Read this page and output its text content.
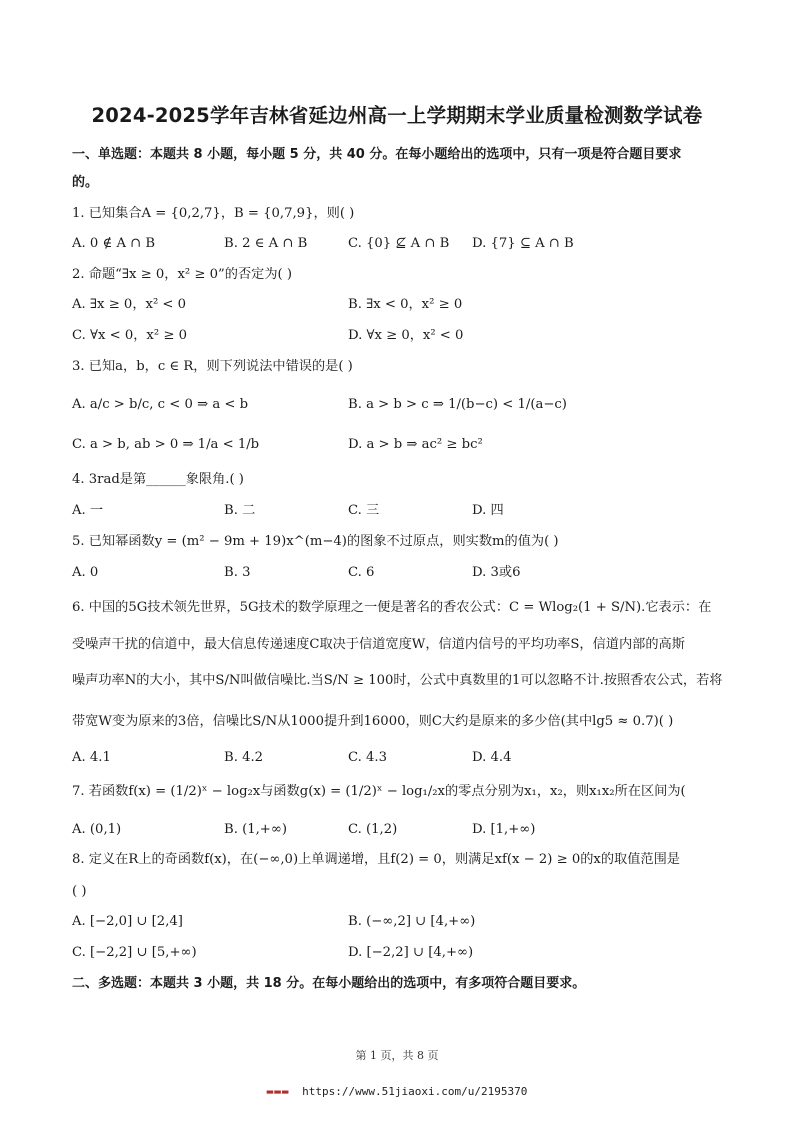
2024-2025学年吉林省延边州高一上学期期末学业质量检测数学试卷
一、单选题：本题共 8 小题，每小题 5 分，共 40 分。在每小题给出的选项中，只有一项是符合题目要求
的。
1. 已知集合A = {0,2,7}，B = {0,7,9}，则( )
A. 0 ∉ A ∩ B	B. 2 ∈ A ∩ B	C. {0} ⊈ A ∩ B D. {7} ⊆ A ∩ B
2. 命题“∃x ≥ 0，x² ≥ 0”的否定为( )
A. ∃x ≥ 0，x² < 0	B. ∃x < 0，x² ≥ 0
C. ∀x < 0，x² ≥ 0	D. ∀x ≥ 0，x² < 0
3. 已知a，b，c ∈ R，则下列说法中错误的是( )
A. a/c > b/c, c < 0 ⇒ a < b	B. a > b > c ⇒ 1/(b−c) < 1/(a−c)
C. a > b, ab > 0 ⇒ 1/a < 1/b	D. a > b ⇒ ac² ≥ bc²
4. 3rad是第______象限角.( )
A. 一	B. 二	C. 三	D. 四
5. 已知幂函数y = (m² − 9m + 19)x^(m−4)的图象不过原点，则实数m的值为( )
A. 0	B. 3	C. 6	D. 3或6
6. 中国的5G技术领先世界，5G技术的数学原理之一便是著名的香农公式：C = Wlog₂(1 + S/N).它表示：在
受噪声干扰的信道中，最大信息传递速度C取决于信道宽度W，信道内信号的平均功率S，信道内部的高斯
噪声功率N的大小，其中S/N叫做信噪比.当S/N ≥ 100时，公式中真数里的1可以忽略不计.按照香农公式，若将
带宽W变为原来的3倍，信噪比S/N从1000提升到16000，则C大约是原来的多少倍(其中lg5 ≈ 0.7)( )
A. 4.1	B. 4.2	C. 4.3	D. 4.4
7. 若函数f(x) = (1/2)ˣ − log₂x与函数g(x) = (1/2)ˣ − log₁/₂x的零点分别为x₁，x₂，则x₁x₂所在区间为(
A. (0,1)	B. (1,+∞)	C. (1,2)	D. [1,+∞)
8. 定义在R上的奇函数f(x)，在(−∞,0)上单调递增，且f(2) = 0，则满足xf(x − 2) ≥ 0的x的取值范围是
( )
A. [−2,0] ∪ [2,4]	B. (−∞,2] ∪ [4,+∞)
C. [−2,2] ∪ [5,+∞)	D. [−2,2] ∪ [4,+∞)
二、多选题：本题共 3 小题，共 18 分。在每小题给出的选项中，有多项符合题目要求。
第 1 页，共 8 页
▬▬▬ https://www.51jiaoxi.com/u/2195370
